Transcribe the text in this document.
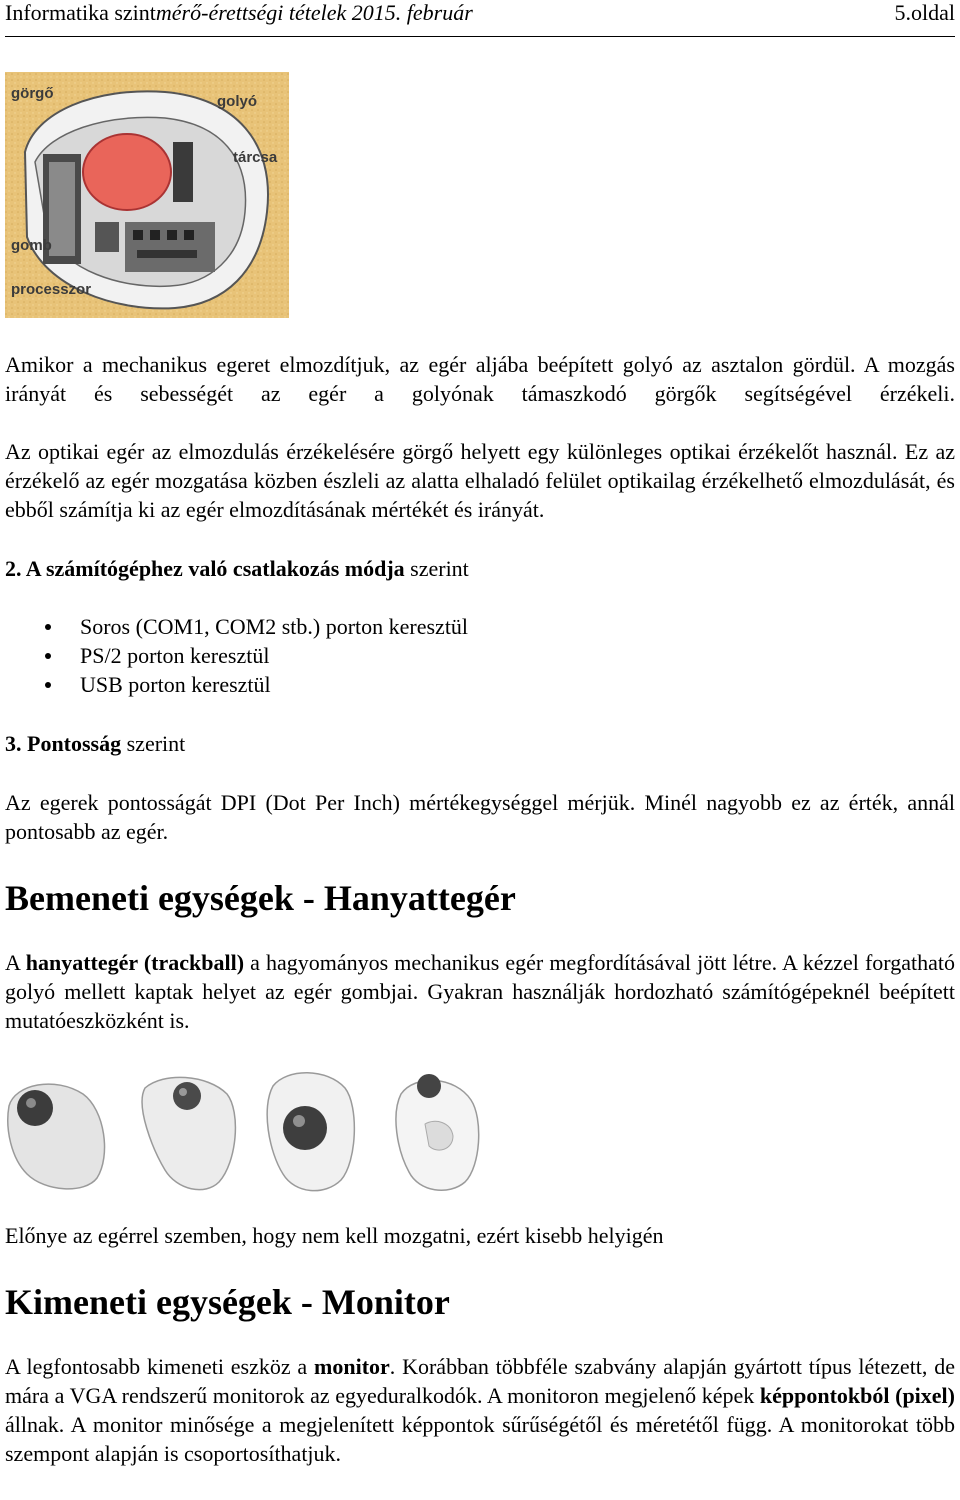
Informatika szintmérő-érettségi tételek 2015. február	5.oldal
görgő	golyó
tárcsa
gomb
processzor

Amikor a mechanikus egeret elmozdítjuk, az egér aljába beépített golyó az asztalon gördül. A mozgás irányát és sebességét az egér a golyónak támaszkodó görgők segítségével érzékeli.

Az optikai egér az elmozdulás érzékelésére görgő helyett egy különleges optikai érzékelőt használ. Ez az érzékelő az egér mozgatása közben észleli az alatta elhaladó felület optikailag érzékelhető elmozdulását, és ebből számítja ki az egér elmozdításának mértékét és irányát.

2. A számítógéphez való csatlakozás módja szerint
Soros (COM1, COM2 stb.) porton keresztül
PS/2 porton keresztül
USB porton keresztül
3. Pontosság szerint

Az egerek pontosságát DPI (Dot Per Inch) mértékegységgel mérjük. Minél nagyobb ez az érték, annál pontosabb az egér.

Bemeneti egységek - Hanyattegér

A hanyattegér (trackball) a hagyományos mechanikus egér megfordításával jött létre. A kézzel forgatható golyó mellett kaptak helyet az egér gombjai. Gyakran használják hordozható számítógépeknél beépített mutatóeszközként is.

Előnye az egérrel szemben, hogy nem kell mozgatni, ezért kisebb helyigén

Kimeneti egységek - Monitor

A legfontosabb kimeneti eszköz a monitor. Korábban többféle szabvány alapján gyártott típus létezett, de mára a VGA rendszerű monitorok az egyeduralkodók. A monitoron megjelenő képek képpontokból (pixel) állnak. A monitor minősége a megjelenített képpontok sűrűségétől és méretétől függ. A monitorokat több szempont alapján is csoportosíthatjuk.
